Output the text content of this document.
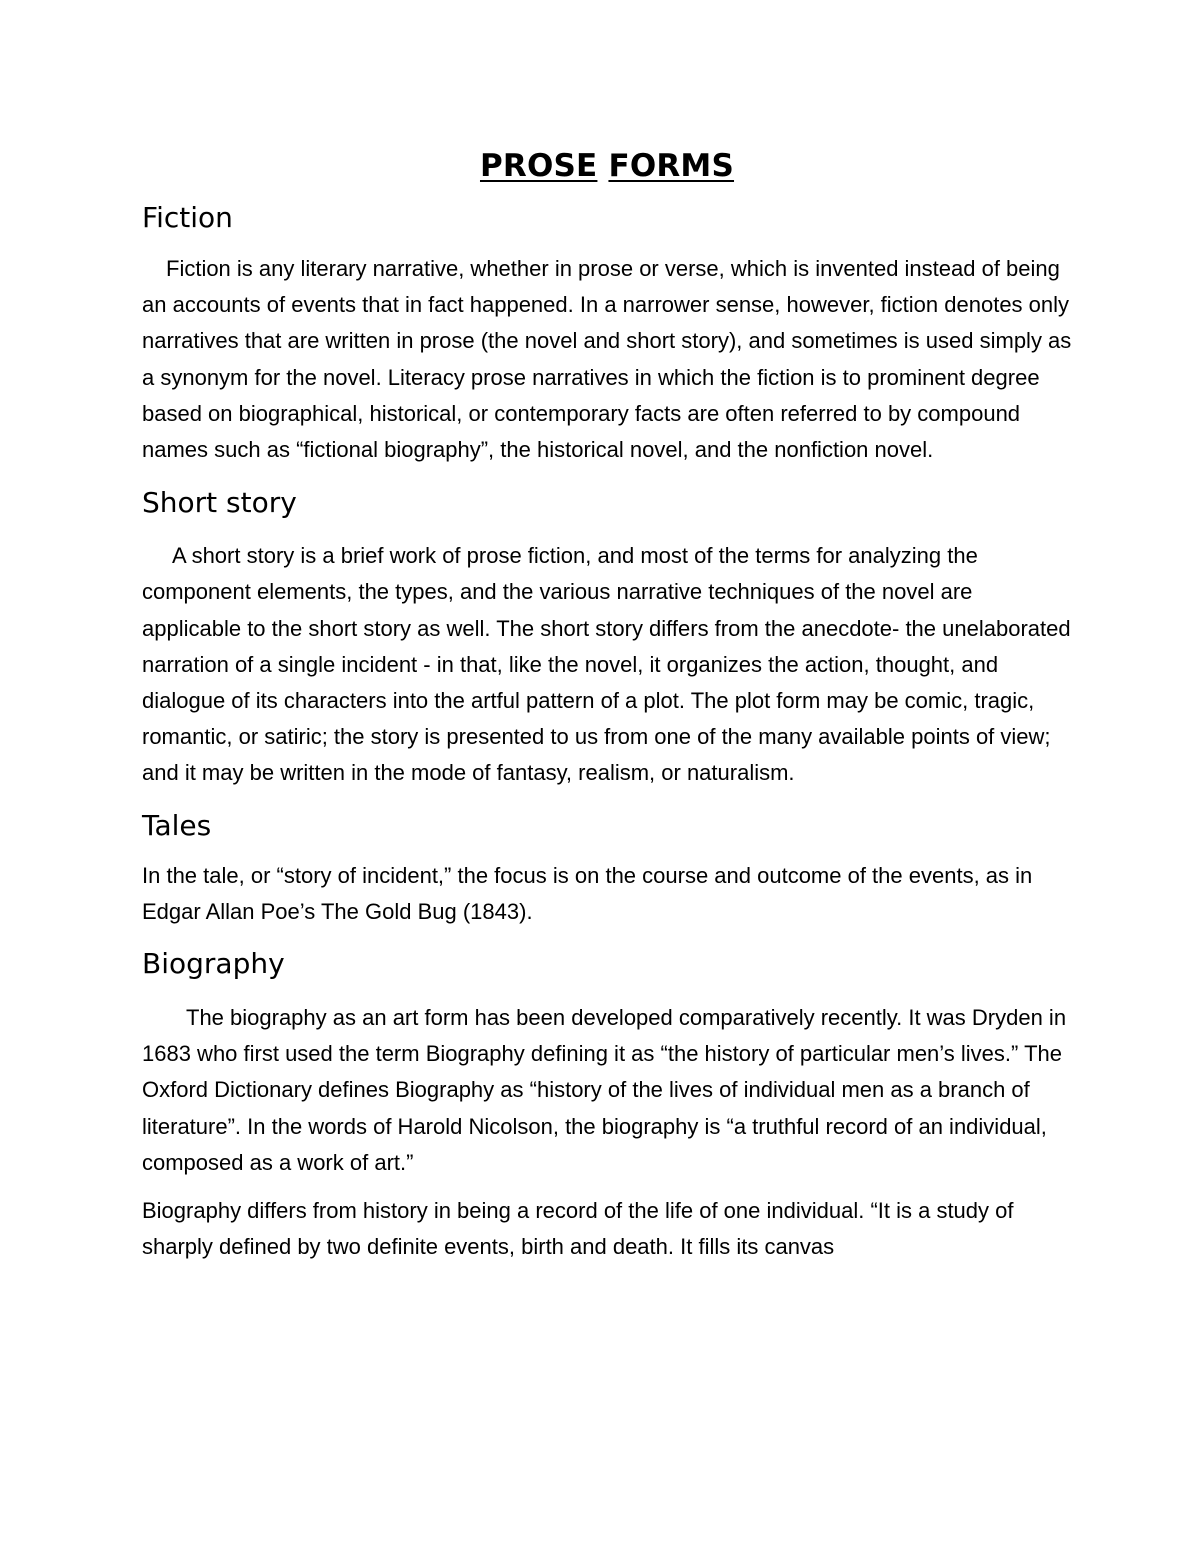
PROSE FORMS
Fiction

Fiction is any literary narrative, whether in prose or verse, which is invented instead of being an accounts of events that in fact happened. In a narrower sense, however, fiction denotes only narratives that are written in prose (the novel and short story), and sometimes is used simply as a synonym for the novel. Literacy prose narratives in which the fiction is to prominent degree based on biographical, historical, or contemporary facts are often referred to by compound names such as “fictional biography”, the historical novel, and the nonfiction novel.

Short story

A short story is a brief work of prose fiction, and most of the terms for analyzing the component elements, the types, and the various narrative techniques of the novel are applicable to the short story as well. The short story differs from the anecdote- the unelaborated narration of a single incident - in that, like the novel, it organizes the action, thought, and dialogue of its characters into the artful pattern of a plot. The plot form may be comic, tragic, romantic, or satiric; the story is presented to us from one of the many available points of view; and it may be written in the mode of fantasy, realism, or naturalism.

Tales

In the tale, or “story of incident,” the focus is on the course and outcome of the events, as in Edgar Allan Poe’s The Gold Bug (1843).

Biography

The biography as an art form has been developed comparatively recently. It was Dryden in 1683 who first used the term Biography defining it as “the history of particular men’s lives.” The Oxford Dictionary defines Biography as “history of the lives of individual men as a branch of literature”. In the words of Harold Nicolson, the biography is “a truthful record of an individual, composed as a work of art.”

Biography differs from history in being a record of the life of one individual. “It is a study of sharply defined by two definite events, birth and death. It fills its canvas
